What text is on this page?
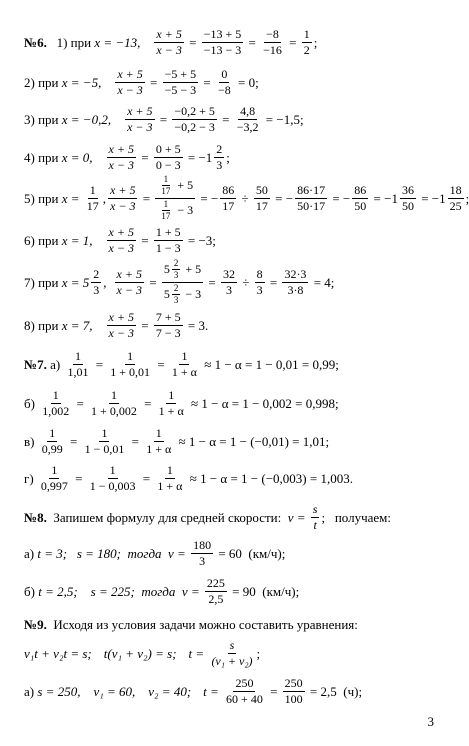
№6.
1) при x = −13, $\frac{x + 5}{x - 3} = \frac{-13 + 5}{-13 - 3} = \frac{-8}{-16} = \frac{1}{2}$ ;
2) при x = −5, $\frac{x + 5}{x - 3} = \frac{-5 + 5}{-5 - 3} = \frac{0}{-8} = 0$;
3) при x = −0,2, $\frac{x + 5}{x - 3} = \frac{-0,2 + 5}{-0,2 - 3} = \frac{4,8}{-3,2} = -1,5$;
4) при x = 0, $\frac{x + 5}{x - 3} = \frac{0 + 5}{0 - 3} = -1 \frac{2}{3}$ ;
5) при $x = \frac{1}{17}$ , $\frac{x + 5}{x - 3} = \frac{\frac{1}{17} + 5}{\frac{1}{17} - 3}$ = − $\frac{86}{17} \div \frac{50}{17}$ = − $\frac{86\cdot 17}{50\cdot 17}$ = − $\frac{86}{50} = -1 \frac{36}{50} = -1 \frac{18}{25}$ ;
6) при x = 1, $\frac{x + 5}{x - 3} = \frac{1 + 5}{1 - 3} = -3$;
7) при $x = 5 \frac{2}{3}$ , $\frac{x + 5}{x - 3} = \frac{5 \frac{2}{3} + 5}{5 \frac{2}{3} - 3} = \frac{32}{3} \div \frac{8}{3} = \frac{32\cdot 3}{3\cdot 8} = 4$;
8) при x = 7, $\frac{x + 5}{x - 3} = \frac{7 + 5}{7 - 3} = 3$.
№7. $а) \frac{1}{1,01} = \frac{1}{1 + 0,01} = \frac{1}{1 + \alpha} \approx 1 - \alpha = 1 - 0,01 = 0,99$;
$б) \frac{1}{1,002} = \frac{1}{1 + 0,002} = \frac{1}{1 + \alpha} \approx 1 - \alpha = 1 - 0,002 = 0,998$;
$в) \frac{1}{0,99} = \frac{1}{1 - 0,01} = \frac{1}{1 + \alpha} \approx 1 - \alpha = 1 - (-0,01) = 1,01$;
$г) \frac{1}{0,997} = \frac{1}{1 - 0,003} = \frac{1}{1 + \alpha} \approx 1 - \alpha = 1 - (-0,003) = 1,003$.
№8. Запишем формулу для средней скорости: $v = \frac{s}{t}$ ;   получаем:
а) t = 3;   s = 180;  тогда $v = \frac{180}{3} = 60$  (км/ч);
б) t = 2,5;    s = 225;  тогда $v = \frac{225}{2,5} = 90$  (км/ч);
№9. Исходя из условия задачи можно составить уравнения:
v₁t + v₂t = s; t(v₁ + v₂) = s; $t = \frac{s}{\text{(v₁ + v₂)}}$ ;
а) s = 250,    v₁ = 60,    v₂ = 40; $t = \frac{250}{60 + 40} = \frac{250}{100} = 2,5$  (ч);
3
